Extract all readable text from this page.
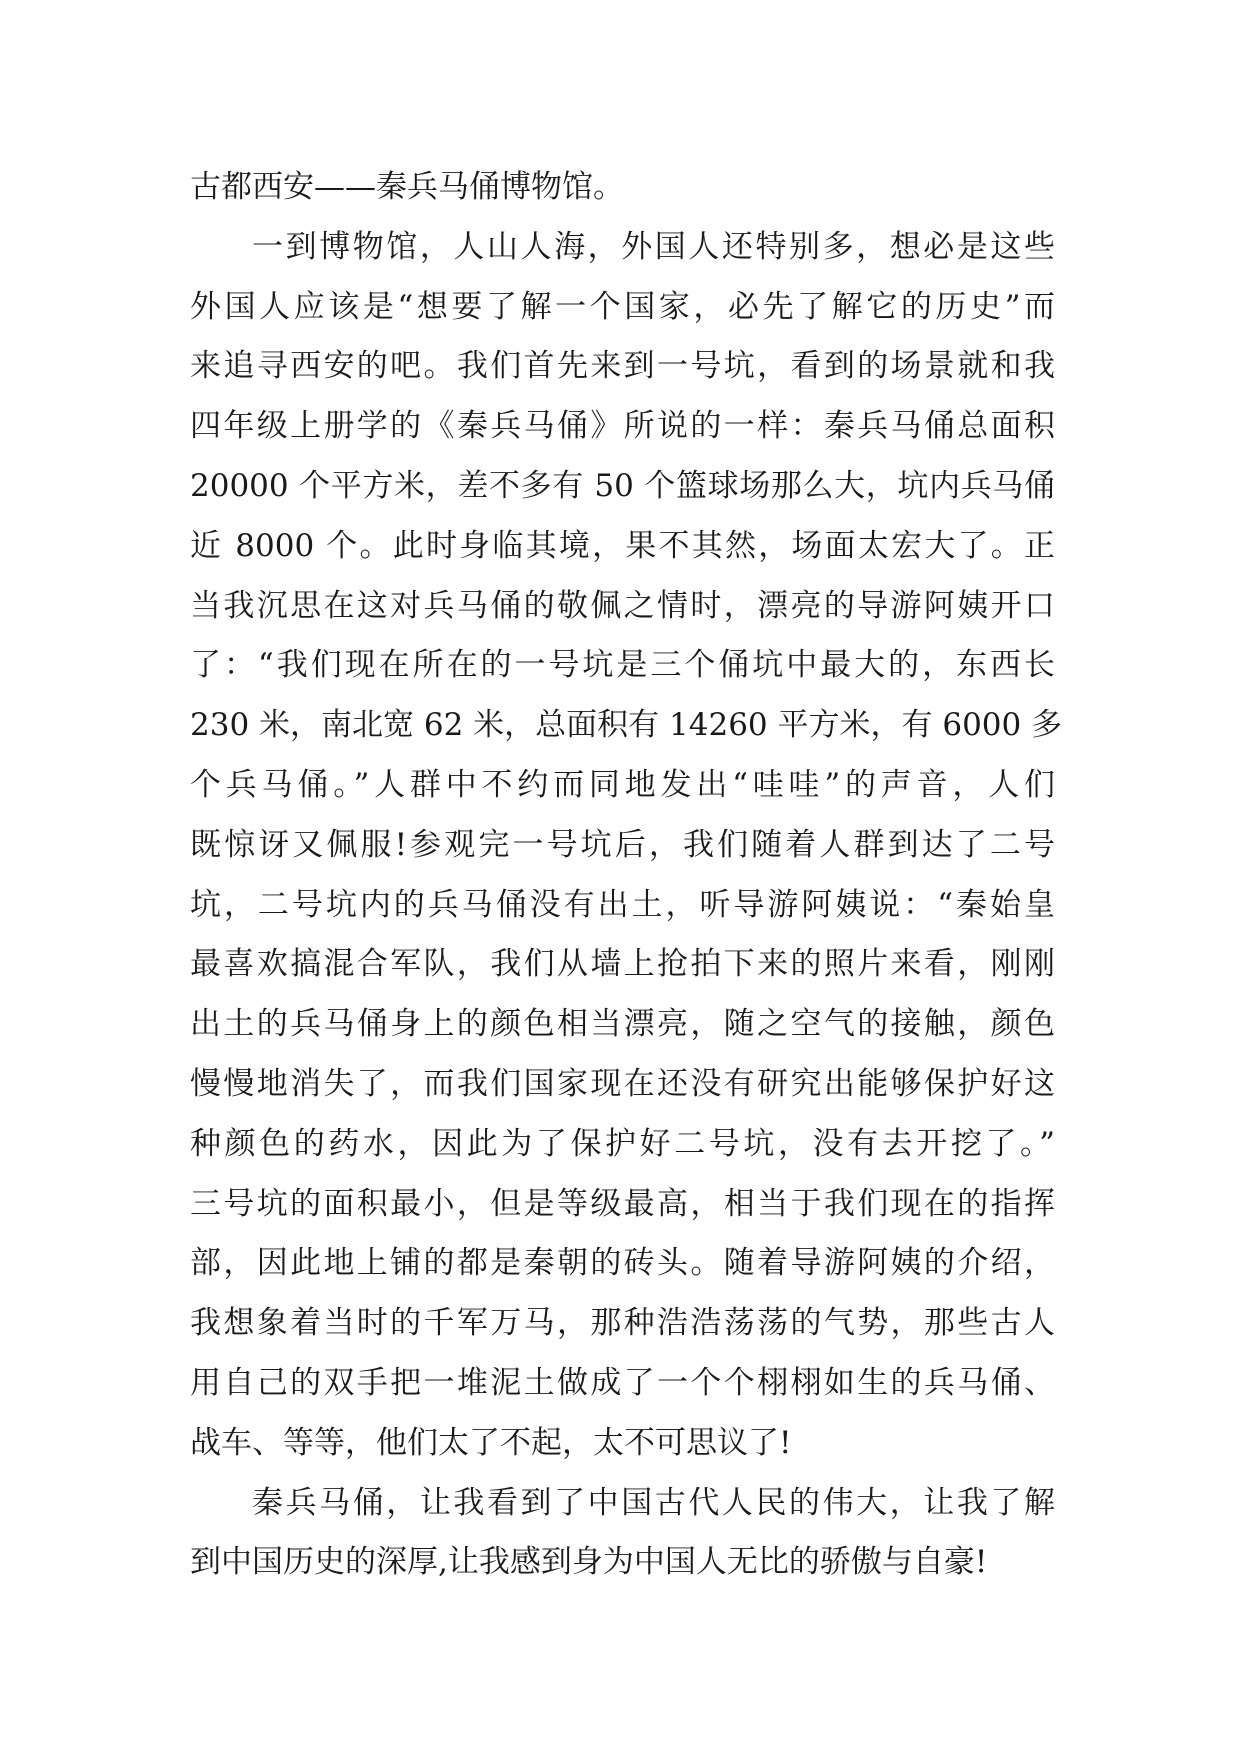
古都西安——秦兵马俑博物馆。
一到博物馆，人山人海，外国人还特别多，想必是这些
外国人应该是“想要了解一个国家，必先了解它的历史”而
来追寻西安的吧。我们首先来到一号坑，看到的场景就和我
四年级上册学的《秦兵马俑》所说的一样：秦兵马俑总面积
20000 个平方米，差不多有 50 个篮球场那么大，坑内兵马俑
近 8000 个。此时身临其境，果不其然，场面太宏大了。正
当我沉思在这对兵马俑的敬佩之情时，漂亮的导游阿姨开口
了：“我们现在所在的一号坑是三个俑坑中最大的，东西长
230 米，南北宽 62 米，总面积有 14260 平方米，有 6000 多
个兵马俑。”人群中不约而同地发出“哇哇”的声音，人们
既惊讶又佩服!参观完一号坑后，我们随着人群到达了二号
坑，二号坑内的兵马俑没有出土，听导游阿姨说：“秦始皇
最喜欢搞混合军队，我们从墙上抢拍下来的照片来看，刚刚
出土的兵马俑身上的颜色相当漂亮，随之空气的接触，颜色
慢慢地消失了，而我们国家现在还没有研究出能够保护好这
种颜色的药水，因此为了保护好二号坑，没有去开挖了。”
三号坑的面积最小，但是等级最高，相当于我们现在的指挥
部，因此地上铺的都是秦朝的砖头。随着导游阿姨的介绍，
我想象着当时的千军万马，那种浩浩荡荡的气势，那些古人
用自己的双手把一堆泥土做成了一个个栩栩如生的兵马俑、
战车、等等，他们太了不起，太不可思议了!
秦兵马俑，让我看到了中国古代人民的伟大，让我了解
到中国历史的深厚,让我感到身为中国人无比的骄傲与自豪!
